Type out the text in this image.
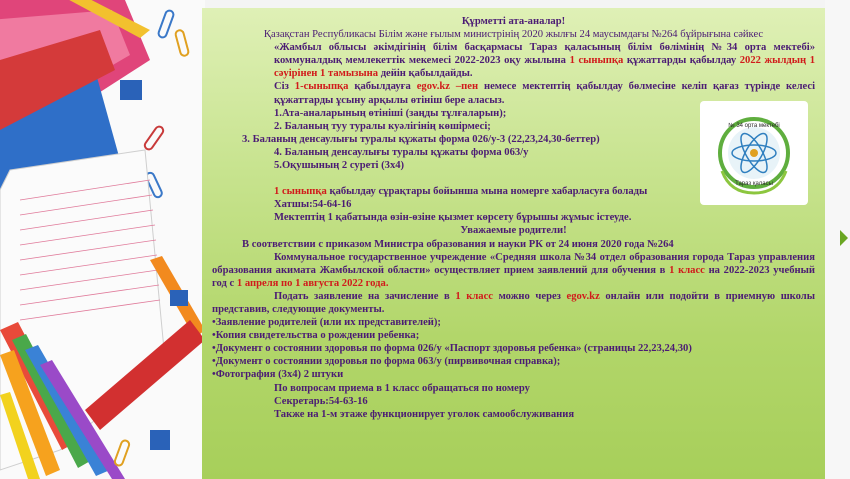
Құрметті ата-аналар!

Қазақстан Республикасы Білім және ғылым министрінің 2020 жылғы 24 маусымдағы №264 бұйрығына сәйкес

«Жамбыл облысы әкімдігінің білім басқармасы Тараз қаласының білім бөлімінің №34 орта мектебі» коммуналдық мемлекеттік мекемесі 2022-2023 оқу жылына 1 сыныпқа құжаттарды қабылдау 2022 жылдың 1 сәуірінен 1 тамызына дейін қабылдайды.

Сіз 1-сыныпқа қабылдауға egov.kz –пен немесе мектептің қабылдау бөлмесіне келіп қағаз түрінде келесі құжаттарды ұсыну арқылы өтініш бере аласыз.

1.Ата-аналарының өтініші (заңды тұлғаларын);

2. Баланың туу туралы куәлігінің көшірмесі;

3. Баланың денсаулығы туралы құжаты форма 026/у-3 (22,23,24,30-беттер)

4. Баланың денсаулығы туралы құжаты форма 063/у

5.Оқушының 2 суреті (3х4)

1 сыныпқа қабылдау сұрақтары бойынша мына номерге хабарласуға болады

Хатшы:54-64-16

Мектептің 1 қабатында өзін-өзіне қызмет көрсету бұрышы жұмыс істеуде.

Уважаемые родители!

В соответствии с приказом Министра образования и науки РК от 24 июня 2020 года №264

Коммунальное государственное учреждение «Средняя школа №34 отдел образования города Тараз управления образования акимата Жамбылской области» осуществляет прием заявлений для обучения в 1 класс на 2022-2023 учебный год с 1 апреля по 1 августа 2022 года.

Подать заявление на зачисление в 1 класс можно через egov.kz онлайн или подойти в приемную школы представив, следующие документы.

•Заявление родителей (или их представителей);

•Копия свидетельства о рождении ребенка;

•Документ о состоянии здоровья по форма 026/у «Паспорт здоровья ребенка» (страницы 22,23,24,30)

•Документ о состоянии здоровья по форма 063/у (пирвивочная справка);

•Фотография (3х4) 2 штуки

По вопросам приема в 1 класс обращаться по номеру

Секретарь:54-63-16

Также на 1-м этаже функционирует уголок самообслуживания

№ 34 орта мектебі
Тараз қаласы
